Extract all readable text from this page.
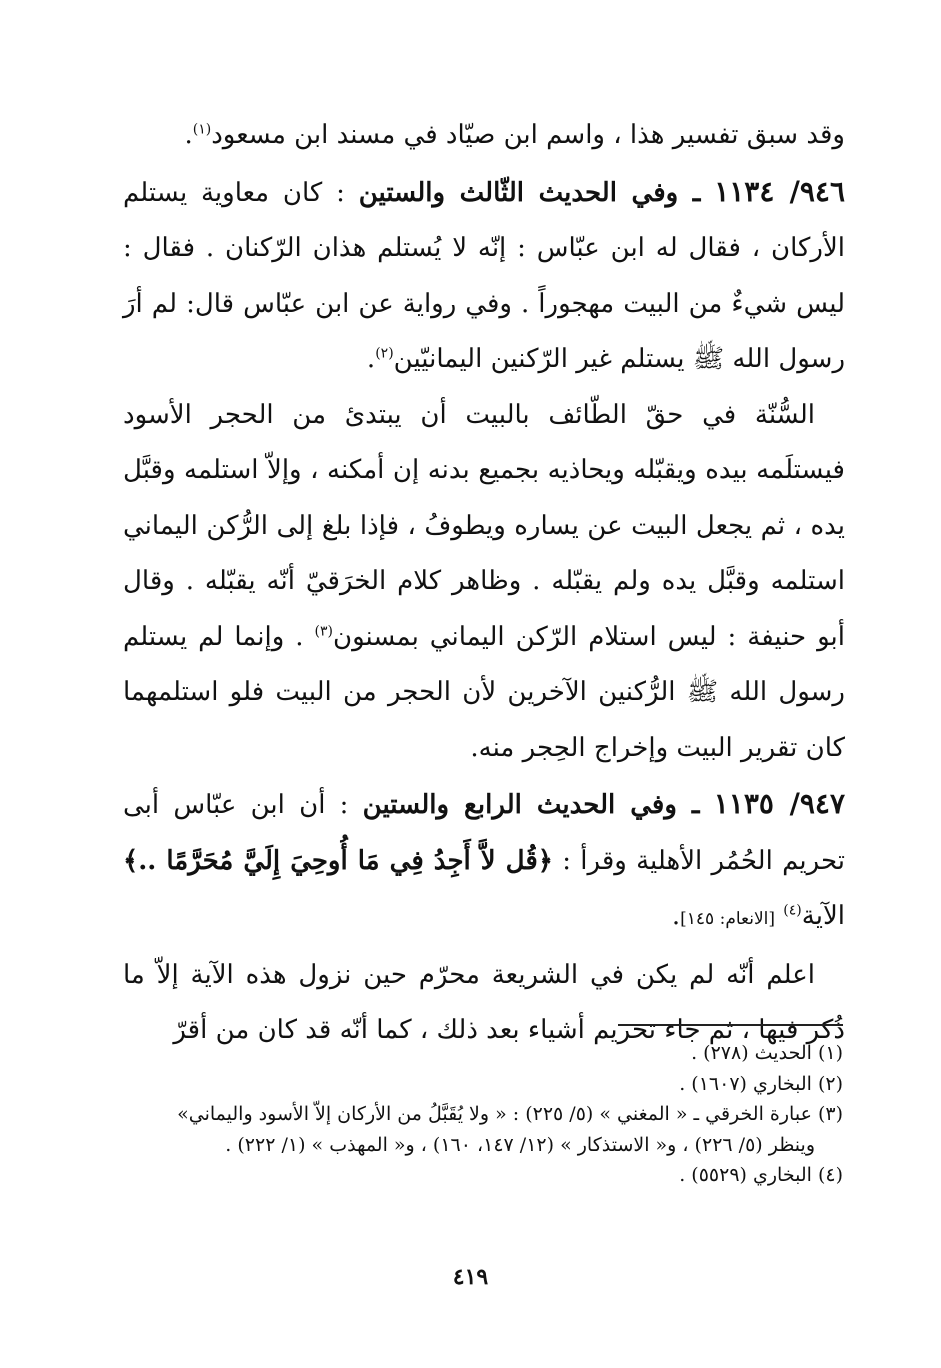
وقد سبق تفسير هذا ، واسم ابن صيّاد في مسند ابن مسعود$^{(١)}$.

٩٤٦/ ١١٣٤ ـ وفي الحديث الثّالث والستين : كان معاوية يستلم الأركان ، فقال له ابن عبّاس : إنّه لا يُستلم هذان الرّكنان . فقال : ليس شيءٌ من البيت مهجوراً . وفي رواية عن ابن عبّاس قال: لم أرَ رسول الله ﷺ يستلم غير الرّكنين اليمانيّين$^{(٢)}$.

السُّنّة في حقّ الطّائف بالبيت أن يبتدئ من الحجر الأسود فيستلَمه بيده ويقبّله ويحاذيه بجميع بدنه إن أمكنه ، وإلاّ استلمه وقبَّل يده ، ثم يجعل البيت عن يساره ويطوفُ ، فإذا بلغ إلى الرُّكن اليماني استلمه وقبَّل يده ولم يقبّله . وظاهر كلام الخرَقيّ أنّه يقبّله . وقال أبو حنيفة : ليس استلام الرّكن اليماني بمسنون$^{(٣)}$ . وإنما لم يستلم رسول الله ﷺ الرُّكنين الآخرين لأن الحجر من البيت فلو استلمهما كان تقرير البيت وإخراج الحِجر منه.

٩٤٧/ ١١٣٥ ـ وفي الحديث الرابع والستين : أن ابن عبّاس أبى تحريم الحُمُر الأهلية وقرأ : ﴿قُل لاَّ أَجِدُ فِي مَا أُوحِيَ إِلَيَّ مُحَرَّمًا ..﴾ الآية$^{(٤)}$ [الانعام: ١٤٥].

اعلم أنّه لم يكن في الشريعة محرّم حين نزول هذه الآية إلاّ ما ذُكر فيها ، ثم جاء تحريم أشياء بعد ذلك ، كما أنّه قد كان من أقرّ

(١) الحديث (٢٧٨) .

(٢) البخاري (١٦٠٧) .

(٣) عبارة الخرقي ـ « المغني » (٥/ ٢٢٥) : « ولا يُقَبَّلُ من الأركان إلاّ الأسود واليماني»

وينظر (٥/ ٢٢٦) ، و« الاستذكار » (١٢/ ١٤٧، ١٦٠) ، و« المهذب » (١/ ٢٢٢) .

(٤) البخاري (٥٥٢٩) .

٤١٩
